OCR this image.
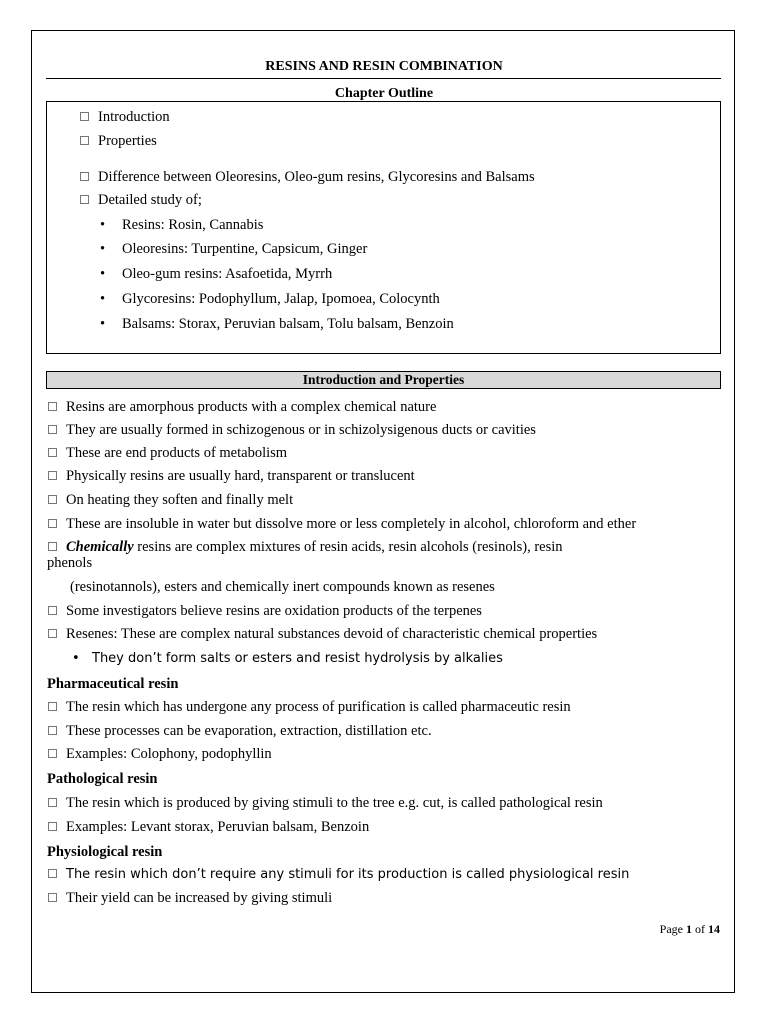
RESINS AND RESIN COMBINATION
Chapter Outline
Introduction
Properties
Difference between Oleoresins, Oleo-gum resins, Glycoresins and Balsams
Detailed study of;
• Resins: Rosin, Cannabis
• Oleoresins: Turpentine, Capsicum, Ginger
• Oleo-gum resins: Asafoetida, Myrrh
• Glycoresins: Podophyllum, Jalap, Ipomoea, Colocynth
• Balsams: Storax, Peruvian balsam, Tolu balsam, Benzoin
Introduction and Properties
Resins are amorphous products with a complex chemical nature
They are usually formed in schizogenous or in schizolysigenous ducts or cavities
These are end products of metabolism
Physically resins are usually hard, transparent or translucent
On heating they soften and finally melt
These are insoluble in water but dissolve more or less completely in alcohol, chloroform and ether
Chemically resins are complex mixtures of resin acids, resin alcohols (resinols), resin
phenols
(resinotannols), esters and chemically inert compounds known as resenes
Some investigators believe resins are oxidation products of the terpenes
Resenes: These are complex natural substances devoid of characteristic chemical properties
• They don’t form salts or esters and resist hydrolysis by alkalies
Pharmaceutical resin
The resin which has undergone any process of purification is called pharmaceutic resin
These processes can be evaporation, extraction, distillation etc.
Examples: Colophony, podophyllin
Pathological resin
The resin which is produced by giving stimuli to the tree e.g. cut, is called pathological resin
Examples: Levant storax, Peruvian balsam, Benzoin
Physiological resin
The resin which don’t require any stimuli for its production is called physiological resin
Their yield can be increased by giving stimuli
Page 1 of 14
